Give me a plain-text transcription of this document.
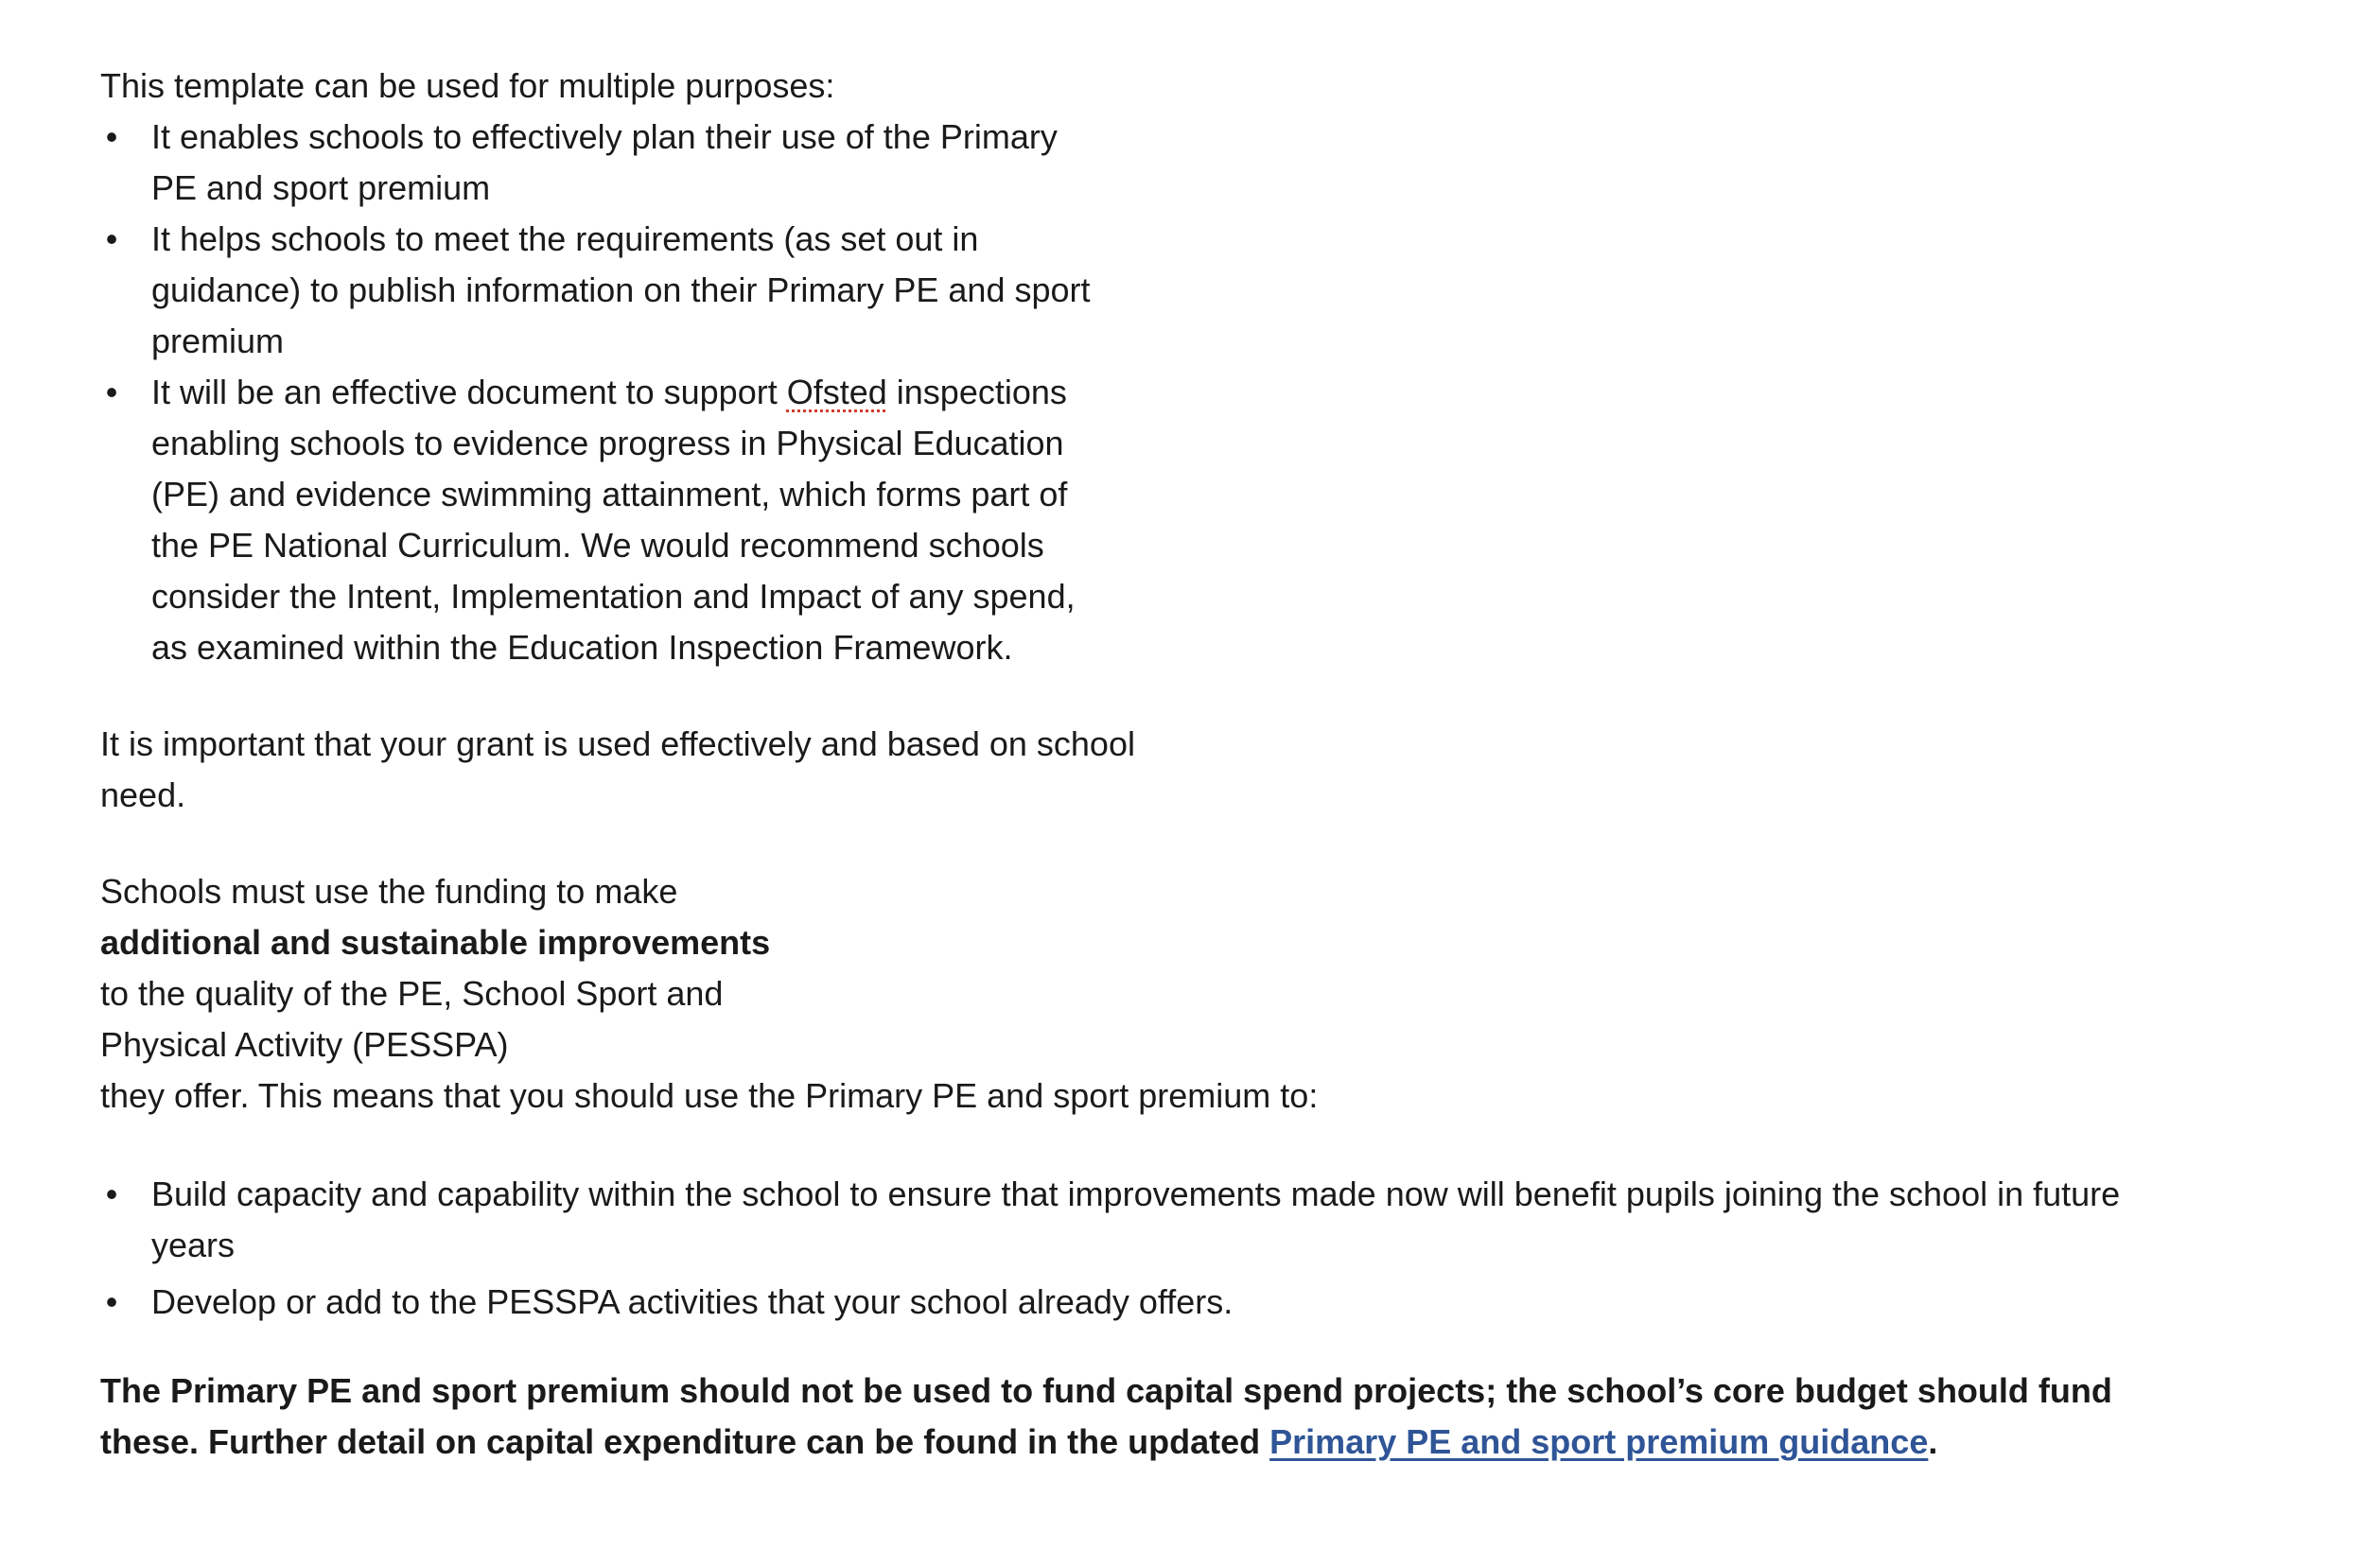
This template can be used for multiple purposes:

• It enables schools to effectively plan their use of the Primary PE and sport premium
• It helps schools to meet the requirements (as set out in guidance) to publish information on their Primary PE and sport premium
• It will be an effective document to support Ofsted inspections enabling schools to evidence progress in Physical Education (PE) and evidence swimming attainment, which forms part of the PE National Curriculum. We would recommend schools consider the Intent, Implementation and Impact of any spend, as examined within the Education Inspection Framework.

It is important that your grant is used effectively and based on school need.

Schools must use the funding to make additional and sustainable improvements to the quality of the PE, School Sport and Physical Activity (PESSPA)

they offer. This means that you should use the Primary PE and sport premium to:

• Build capacity and capability within the school to ensure that improvements made now will benefit pupils joining the school in future years
• Develop or add to the PESSPA activities that your school already offers.

The Primary PE and sport premium should not be used to fund capital spend projects; the school’s core budget should fund these. Further detail on capital expenditure can be found in the updated Primary PE and sport premium guidance.
